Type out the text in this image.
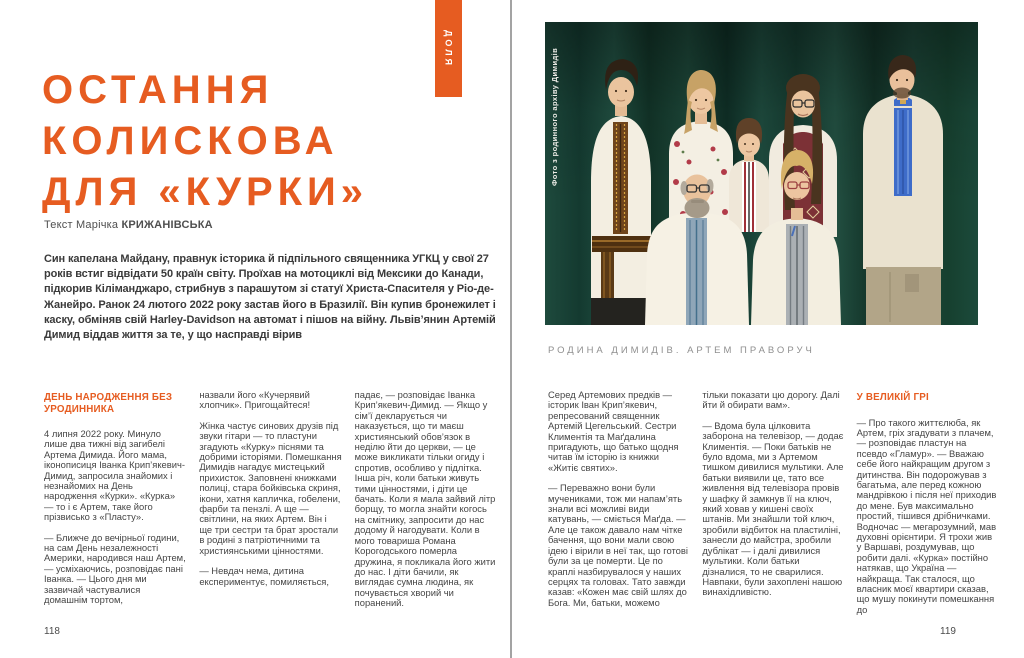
ДОЛЯ
ОСТАННЯ
КОЛИСКОВА
ДЛЯ «КУРКИ»
Текст Марічка КРИЖАНІВСЬКА
Син капелана Майдану, правнук історика й підпільного священника УГКЦ у свої 27 років встиг відвідати 50 країн світу. Проїхав на мотоциклі від Мексики до Канади, підкорив Кіліманджаро, стрибнув з парашутом зі статуї Христа-Спасителя у Ріо-де-Жанейро. Ранок 24 лютого 2022 року застав його в Бразилії. Він купив бронежилет і каску, обміняв свій Harley-Davidson на автомат і пішов на війну. Львів’янин Артемій Димид віддав життя за те, у що насправді вірив
ДЕНЬ НАРОДЖЕННЯ БЕЗ УРОДИННИКА

4 липня 2022 року. Минуло лише два тижні від загибелі Артема Димида. Його мама, іконописиця Іванка Крип’якевич-Димид, запросила знайомих і незнайомих на День народження «Курки». «Курка» — то і є Артем, таке його прізвисько з «Пласту».

— Ближче до вечірньої години, на сам День незалежності Америки, народився наш Артем, — усміхаючись, розповідає пані Іванка. — Цього дня ми зазвичай частувалися домашнім тортом,

назвали його «Кучерявий хлопчик». Пригощайтеся!

Жінка частує синових друзів під звуки гітари — то пластуни згадують «Курку» піснями та добрими історіями. Помешкання Димидів нагадує мистецький прихисток. Заповнені книжками полиці, стара бойківська скриня, ікони, хатня капличка, гобелени, фарби та пензлі. А ще — світлини, на яких Артем. Він і ще три сестри та брат зростали в родині з патріотичними та християнськими цінностями.

— Невдач нема, дитина експериментує, помиляється,

падає, — розповідає Іванка Крип’якевич-Димид. — Якщо у сім’ї декларується чи наказується, що ти маєш християнський обов’язок в неділю йти до церкви, — це може викликати тільки огиду і спротив, особливо у підлітка. Інша річ, коли батьки живуть тими цінностями, і діти це бачать. Коли я мала зайвий літр борщу, то могла знайти когось на смітнику, запросити до нас додому й нагодувати. Коли в мого товариша Романа Корогодського померла дружина, я покликала його жити до нас. І діти бачили, як виглядає сумна людина, як почувається хворий чи поранений.

118
Фото з родинного архіву Димидів
РОДИНА ДИМИДІВ. АРТЕМ ПРАВОРУЧ

Серед Артемових предків — історик Іван Крип’якевич, репресований священник Артемій Цегельський. Сестри Климентія та Маґдалина пригадують, що батько щодня читав їм історію із книжки «Житіє святих».

— Переважно вони були мучениками, тож ми напам’ять знали всі можливі види катувань, — сміється Маґда. — Але це також давало нам чітке бачення, що вони мали свою ідею і вірили в неї так, що готові були за це померти. Це по краплі назбирувалося у наших серцях та головах. Тато завжди казав: «Кожен має свій шлях до Бога. Ми, батьки, можемо

тільки показати цю дорогу. Далі йти й обирати вам».

— Вдома була цілковита заборона на телевізор, — додає Климентія. — Поки батьків не було вдома, ми з Артемом тишком дивилися мультики. Але батьки виявили це, тато все живлення від телевізора провів у шафку й замкнув її на ключ, який ховав у кишені своїх штанів. Ми знайшли той ключ, зробили відбиток на пластиліні, занесли до майстра, зробили дублікат — і далі дивилися мультики. Коли батьки дізналися, то не сварилися. Навпаки, були захоплені нашою винахідливістю.

У ВЕЛИКІЙ ГРІ

— Про такого життєлюба, як Артем, гріх згадувати з плачем, — розповідає пластун на псевдо «Гламур». — Вважаю себе його найкращим другом з дитинства. Він подорожував з багатьма, але перед кожною мандрівкою і після неї приходив до мене. Був максимально простий, тішився дрібничками. Водночас — мегарозумний, мав духовні орієнтири. Я трохи жив у Варшаві, роздумував, що робити далі. «Курка» постійно натякав, що Україна — найкраща. Так сталося, що власник моєї квартири сказав, що мушу покинути помешкання до

119
